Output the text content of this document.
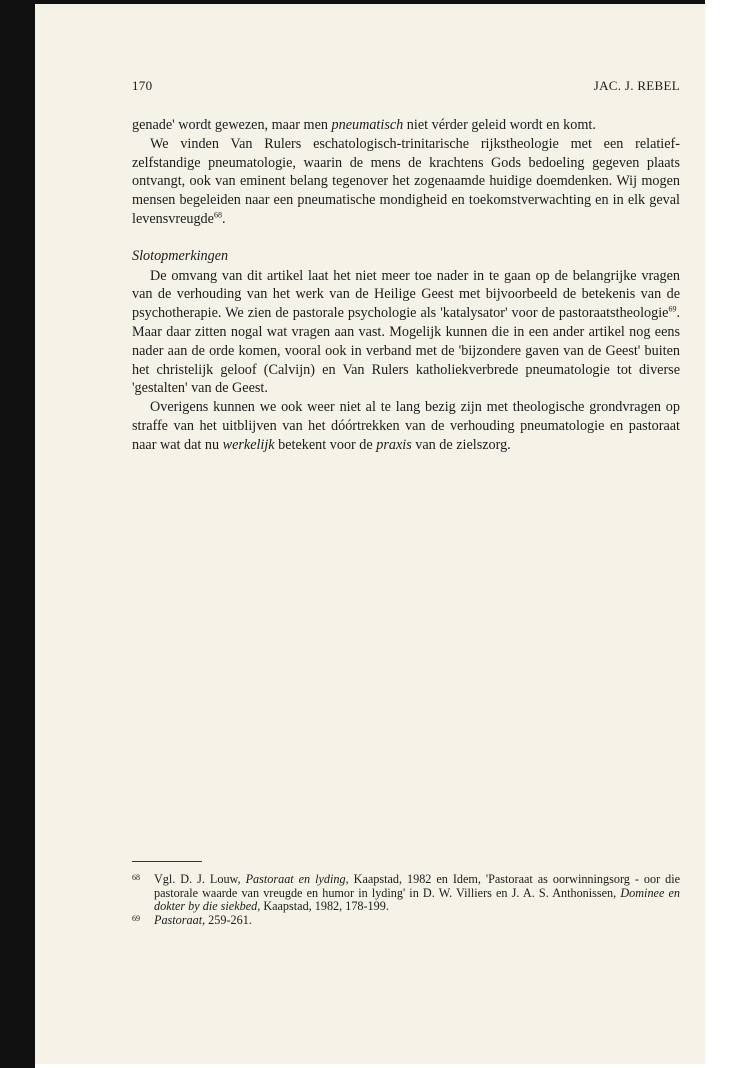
170	JAC. J. REBEL

genade' wordt gewezen, maar men pneumatisch niet vérder geleid wordt en komt.

We vinden Van Rulers eschatologisch-trinitarische rijkstheologie met een relatief-zelfstandige pneumatologie, waarin de mens de krachtens Gods bedoeling gegeven plaats ontvangt, ook van eminent belang tegenover het zogenaamde huidige doemdenken. Wij mogen mensen begeleiden naar een pneumatische mondigheid en toekomstverwachting en in elk geval levensvreugde$^{68}$.

Slotopmerkingen

De omvang van dit artikel laat het niet meer toe nader in te gaan op de belangrijke vragen van de verhouding van het werk van de Heilige Geest met bijvoorbeeld de betekenis van de psychotherapie. We zien de pastorale psychologie als 'katalysator' voor de pastoraatstheologie$^{69}$. Maar daar zitten nogal wat vragen aan vast. Mogelijk kunnen die in een ander artikel nog eens nader aan de orde komen, vooral ook in verband met de 'bijzondere gaven van de Geest' buiten het christelijk geloof (Calvijn) en Van Rulers katholiekverbrede pneumatologie tot diverse 'gestalten' van de Geest.

Overigens kunnen we ook weer niet al te lang bezig zijn met theologische grondvragen op straffe van het uitblijven van het dóórtrekken van de verhouding pneumatologie en pastoraat naar wat dat nu werkelijk betekent voor de praxis van de zielszorg.

68 Vgl. D. J. Louw, Pastoraat en lyding, Kaapstad, 1982 en Idem, 'Pastoraat as oorwinningsorg - oor die pastorale waarde van vreugde en humor in lyding' in D. W. Villiers en J. A. S. Anthonissen, Dominee en dokter by die siekbed, Kaapstad, 1982, 178-199.

69 Pastoraat, 259-261.
